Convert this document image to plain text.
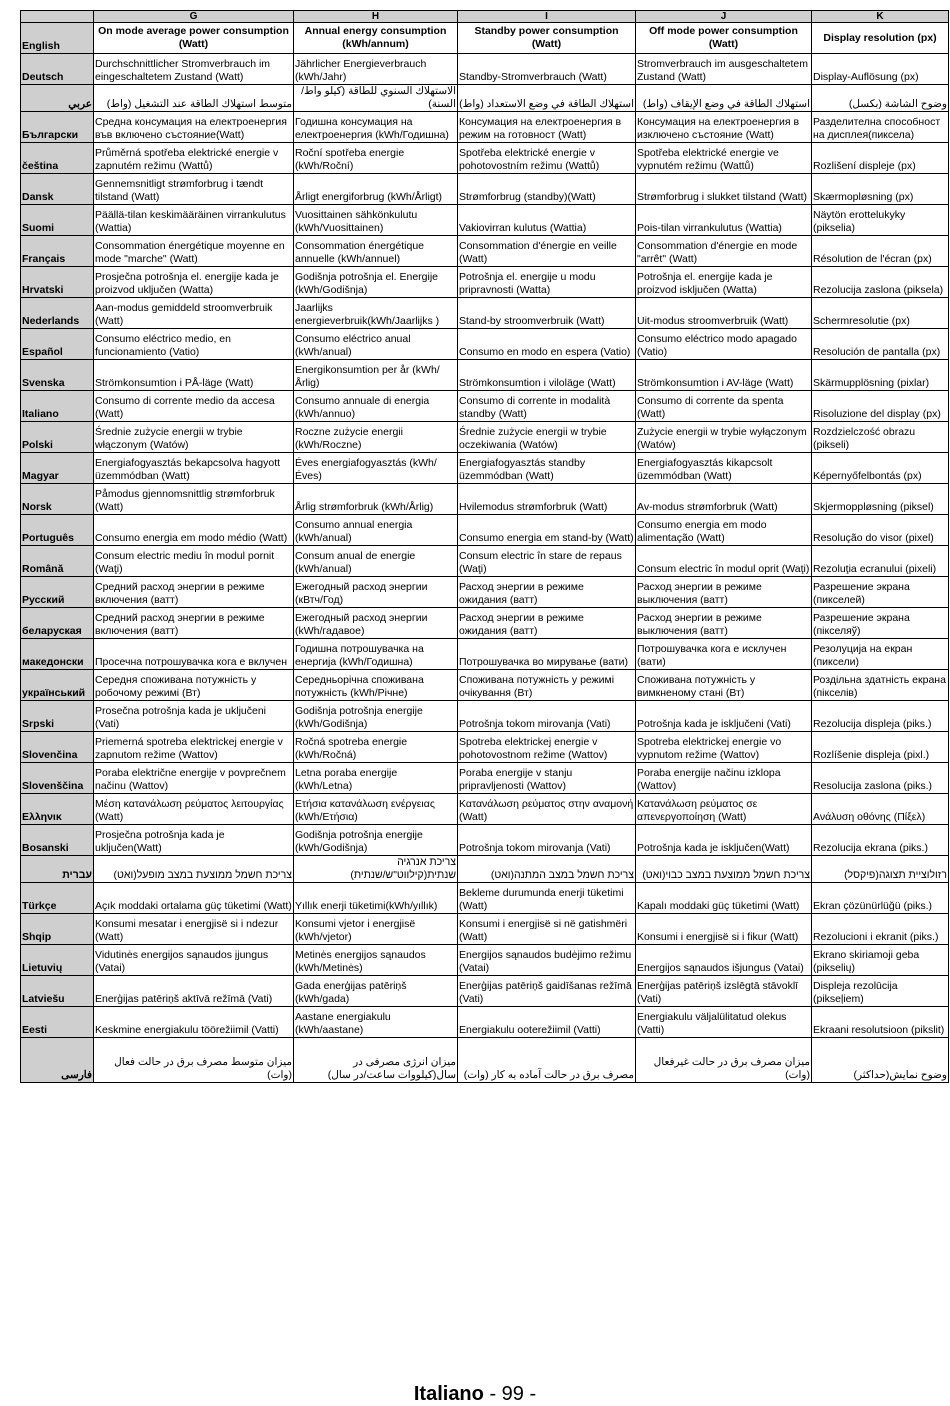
	G	H	I	J	K
English	On mode average power consumption (Watt)	Annual energy consumption (kWh/annum)	Standby power consumption (Watt)	Off mode power consumption (Watt)	Display resolution (px)
Deutsch	Durchschnittlicher Stromverbrauch im eingeschaltetem Zustand (Watt)	Jährlicher Energieverbrauch (kWh/Jahr)	Standby-Stromverbrauch (Watt)	Stromverbrauch im ausgeschaltetem Zustand (Watt)	Display-Auflösung (px)
عربي	متوسط استهلاك الطاقة عند التشغيل (واط)	الاستهلاك السنوي للطاقة (كيلو واط/السنة)	استهلاك الطاقة في وضع الاستعداد (واط)	استهلاك الطاقة في وضع الإيقاف (واط)	وضوح الشاشة (بكسل)
Български	Средна консумация на електроенергия във включено състояние(Watt)	Годишна консумация на електроенергия (kWh/Годишна)	Консумация на електроенергия в режим на готовност (Watt)	Консумация на електроенергия в изключено състояние (Watt)	Разделителна способност на дисплея(пиксела)
čeština	Průměrná spotřeba elektrické energie v zapnutém režimu (Wattů)	Roční spotřeba energie (kWh/Roční)	Spotřeba elektrické energie v pohotovostním režimu (Wattů)	Spotřeba elektrické energie ve vypnutém režimu (Wattů)	Rozlišení displeje (px)
Dansk	Gennemsnitligt strømforbrug i tændt tilstand (Watt)	Årligt energiforbrug (kWh/Årligt)	Strømforbrug (standby)(Watt)	Strømforbrug i slukket tilstand (Watt)	Skærmopløsning (px)
Suomi	Päällä-tilan keskimääräinen virrankulutus (Wattia)	Vuosittainen sähkönkulutu (kWh/Vuosittainen)	Vakiovirran kulutus (Wattia)	Pois-tilan virrankulutus (Wattia)	Näytön erottelukyky (pikselia)
Français	Consommation énergétique moyenne en mode "marche" (Watt)	Consommation énergétique annuelle (kWh/annuel)	Consommation d'énergie en veille (Watt)	Consommation d'énergie en mode "arrêt" (Watt)	Résolution de l'écran (px)
Hrvatski	Prosječna potrošnja el. energije kada je proizvod uključen (Watta)	Godišnja potrošnja el. Energije (kWh/Godišnja)	Potrošnja el. energije u modu pripravnosti (Watta)	Potrošnja el. energije kada je proizvod isključen (Watta)	Rezolucija zaslona (piksela)
Nederlands	Aan-modus gemiddeld stroomverbruik (Watt)	Jaarlijks energieverbruik(kWh/Jaarlijks )	Stand-by stroomverbruik (Watt)	Uit-modus stroomverbruik (Watt)	Schermresolutie (px)
Español	Consumo eléctrico medio, en funcionamiento (Vatio)	Consumo eléctrico anual (kWh/anual)	Consumo en modo en espera (Vatio)	Consumo eléctrico modo apagado (Vatio)	Resolución de pantalla (px)
Svenska	Strömkonsumtion i PÅ-läge (Watt)	Energikonsumtion per år (kWh/Årlig)	Strömkonsumtion i viloläge (Watt)	Strömkonsumtion i AV-läge (Watt)	Skärmupplösning (pixlar)
Italiano	Consumo di corrente medio da accesa (Watt)	Consumo annuale di energia (kWh/annuo)	Consumo di corrente in modalità standby (Watt)	Consumo di corrente da spenta (Watt)	Risoluzione del display (px)
Polski	Średnie zużycie energii w trybie włączonym (Watów)	Roczne zużycie energii (kWh/Roczne)	Średnie zużycie energii w trybie oczekiwania (Watów)	Zużycie energii w trybie wyłączonym (Watów)	Rozdzielczość obrazu (pikseli)
Magyar	Energiafogyasztás bekapcsolva hagyott üzemmódban (Watt)	Éves energiafogyasztás (kWh/Éves)	Energiafogyasztás standby üzemmódban (Watt)	Energiafogyasztás kikapcsolt üzemmódban (Watt)	Képernyőfelbontás (px)
Norsk	Påmodus gjennomsnittlig strømforbruk (Watt)	Årlig strømforbruk (kWh/Årlig)	Hvilemodus strømforbruk (Watt)	Av-modus strømforbruk (Watt)	Skjermoppløsning (piksel)
Português	Consumo energia em modo médio (Watt)	Consumo annual energia (kWh/anual)	Consumo energia em stand-by (Watt)	Consumo energia em modo alimentação (Watt)	Resolução do visor (pixel)
Română	Consum electric mediu în modul pornit (Waţi)	Consum anual de energie (kWh/anual)	Consum electric în stare de repaus (Waţi)	Consum electric în modul oprit (Waţi)	Rezoluţia ecranului (pixeli)
Русский	Средний расход энергии в режиме включения (ватт)	Ежегодный расход энергии (кВтч/Год)	Расход энергии в режиме ожидания (ватт)	Расход энергии в режиме выключения (ватт)	Разрешение экрана (пикселей)
беларуская	Средний расход энергии в режиме включения (ватт)	Ежегодный расход энергии (kWh/гадавое)	Расход энергии в режиме ожидания (ватт)	Расход энергии в режиме выключения (ватт)	Разрешение экрана (пікселяў)
македонски	Просечна потрошувачка кога е вклучен	Годишна потрошувачка на енергија (kWh/Годишна)	Потрошувачка во мирување (вати)	Потрошувачка кога е исклучен (вати)	Резолуција на екран (пиксели)
український	Середня споживана потужність у робочому режимі (Вт)	Середньорічна споживана потужність (kWh/Річне)	Споживана потужність у режимі очікування (Вт)	Споживана потужність у вимкненому стані (Вт)	Роздільна здатність екрана (пікселів)
Srpski	Prosečna potrošnja kada je uključeni (Vati)	Godišnja potrošnja energije (kWh/Godišnja)	Potrošnja tokom mirovanja (Vati)	Potrošnja kada je isključeni (Vati)	Rezolucija displeja (piks.)
Slovenčina	Priemerná spotreba elektrickej energie v zapnutom režime (Wattov)	Ročná spotreba energie (kWh/Ročná)	Spotreba elektrickej energie v pohotovostnom režime (Wattov)	Spotreba elektrickej energie vo vypnutom režime (Wattov)	Rozlíšenie displeja (pixl.)
Slovenščina	Poraba električne energije v povprečnem načinu (Wattov)	Letna poraba energije (kWh/Letna)	Poraba energije v stanju pripravljenosti (Wattov)	Poraba energije načinu izklopa (Wattov)	Resolucija zaslona (piks.)
Ελληνικ	Μέση κατανάλωση ρεύματος λειτουργίας (Watt)	Ετήσια κατανάλωση ενέργειας (kWh/Ετήσια)	Κατανάλωση ρεύματος στην αναμονή (Watt)	Κατανάλωση ρεύματος σε απενεργοποίηση (Watt)	Ανάλυση οθόνης (Πίξελ)
Bosanski	Prosječna potrošnja kada je uključen(Watt)	Godišnja potrošnja energije (kWh/Godišnja)	Potrošnja tokom mirovanja (Vati)	Potrošnja kada je isključen(Watt)	Rezolucija ekrana (piks.)
עברית	צריכת חשמל ממוצעת במצב מופעל(ואט)	צריכת אנרגיה שנתית(קילווט"ש/שנתית)	צריכת חשמל במצב המתנה(ואט)	צריכת חשמל ממוצעת במצב כבוי(ואט)	רזולוציית תצוגה(פיקסל)
Türkçe	Açık moddaki ortalama güç tüketimi (Watt)	Yıllık enerji tüketimi(kWh/yıllık)	Bekleme durumunda enerji tüketimi (Watt)	Kapalı moddaki güç tüketimi (Watt)	Ekran çözünürlüğü (piks.)
Shqip	Konsumi mesatar i energjisë si i ndezur (Watt)	Konsumi vjetor i energjisë (kWh/vjetor)	Konsumi i energjisë si në gatishmëri (Watt)	Konsumi i energjisë si i fikur (Watt)	Rezolucioni i ekranit (piks.)
Lietuvių	Vidutinės energijos sąnaudos įjungus (Vatai)	Metinės energijos sąnaudos (kWh/Metinės)	Energijos sąnaudos budėjimo režimu (Vatai)	Energijos sąnaudos išjungus (Vatai)	Ekrano skiriamoji geba (pikselių)
Latviešu	Enerģijas patēriņš aktīvā režīmā (Vati)	Gada enerģijas patēriņš (kWh/gada)	Enerģijas patēriņš gaidīšanas režīmā (Vati)	Enerģijas patēriņš izslēgtā stāvoklī (Vati)	Displeja rezolūcija (pikseļiem)
Eesti	Keskmine energiakulu töörežiimil (Vatti)	Aastane energiakulu (kWh/aastane)	Energiakulu ooterežiimil (Vatti)	Energiakulu väljalülitatud olekus (Vatti)	Ekraani resolutsioon (pikslit)
فارسی	میزان متوسط مصرف برق در حالت فعال (وات)	میزان انرژی مصرفی در سال(کیلووات ساعت/در سال)	مصرف برق در حالت آماده به کار (وات)	میزان مصرف برق در حالت غیرفعال (وات)	وضوح نمایش(حداکثر)
Italiano - 99 -
